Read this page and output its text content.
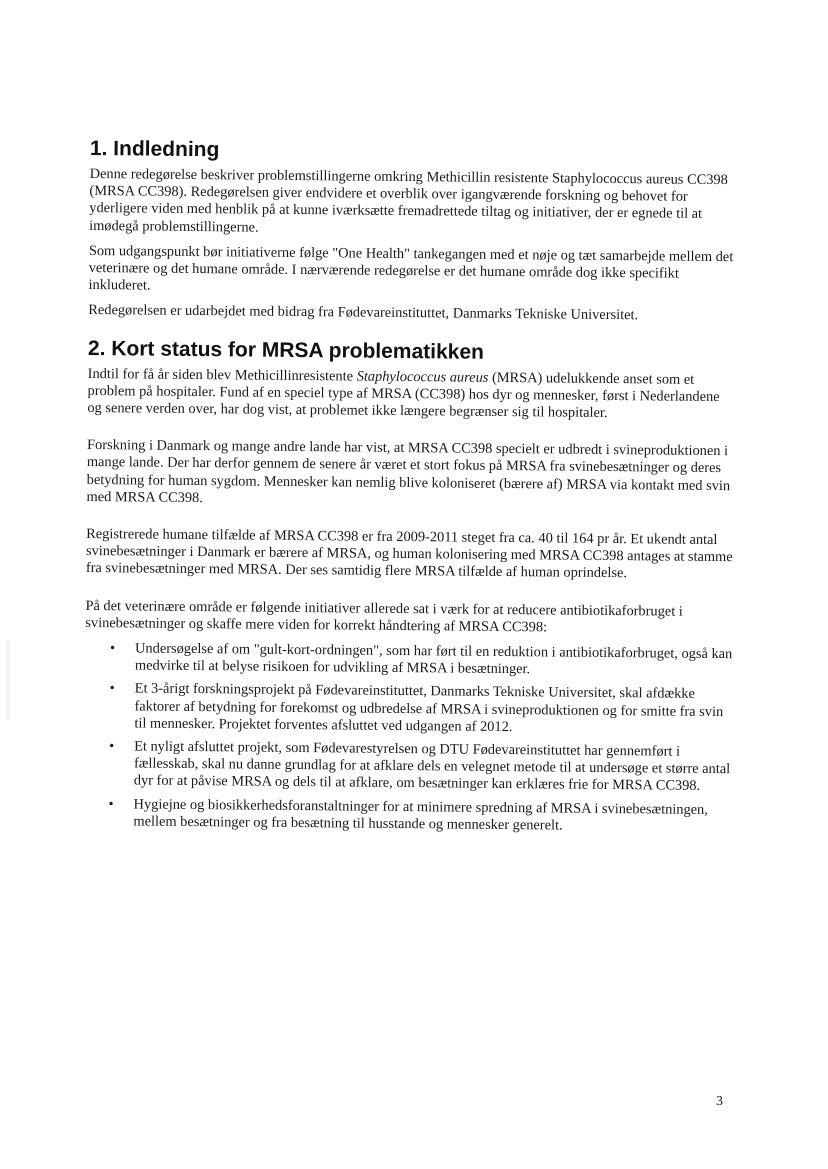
1. Indledning

Denne redegørelse beskriver problemstillingerne omkring Methicillin resistente Staphylococcus aureus CC398 (MRSA CC398). Redegørelsen giver endvidere et overblik over igangværende forskning og behovet for yderligere viden med henblik på at kunne iværksætte fremadrettede tiltag og initiativer, der er egnede til at imødegå problemstillingerne.

Som udgangspunkt bør initiativerne følge "One Health" tankegangen med et nøje og tæt samarbejde mellem det veterinære og det humane område. I nærværende redegørelse er det humane område dog ikke specifikt inkluderet.

Redegørelsen er udarbejdet med bidrag fra Fødevareinstituttet, Danmarks Tekniske Universitet.

2. Kort status for MRSA problematikken

Indtil for få år siden blev Methicillinresistente Staphylococcus aureus (MRSA) udelukkende anset som et problem på hospitaler. Fund af en speciel type af MRSA (CC398) hos dyr og mennesker, først i Nederlandene og senere verden over, har dog vist, at problemet ikke længere begrænser sig til hospitaler.

Forskning i Danmark og mange andre lande har vist, at MRSA CC398 specielt er udbredt i svineproduktionen i mange lande. Der har derfor gennem de senere år været et stort fokus på MRSA fra svinebesætninger og deres betydning for human sygdom. Mennesker kan nemlig blive koloniseret (bærere af) MRSA via kontakt med svin med MRSA CC398.

Registrerede humane tilfælde af MRSA CC398 er fra 2009-2011 steget fra ca. 40 til 164 pr år. Et ukendt antal svinebesætninger i Danmark er bærere af MRSA, og human kolonisering med MRSA CC398 antages at stamme fra svinebesætninger med MRSA. Der ses samtidig flere MRSA tilfælde af human oprindelse.

På det veterinære område er følgende initiativer allerede sat i værk for at reducere antibiotikaforbruget i svinebesætninger og skaffe mere viden for korrekt håndtering af MRSA CC398:

• Undersøgelse af om "gult-kort-ordningen", som har ført til en reduktion i antibiotikaforbruget, også kan medvirke til at belyse risikoen for udvikling af MRSA i besætninger.
• Et 3-årigt forskningsprojekt på Fødevareinstituttet, Danmarks Tekniske Universitet, skal afdække faktorer af betydning for forekomst og udbredelse af MRSA i svineproduktionen og for smitte fra svin til mennesker. Projektet forventes afsluttet ved udgangen af 2012.
• Et nyligt afsluttet projekt, som Fødevarestyrelsen og DTU Fødevareinstituttet har gennemført i fællesskab, skal nu danne grundlag for at afklare dels en velegnet metode til at undersøge et større antal dyr for at påvise MRSA og dels til at afklare, om besætninger kan erklæres frie for MRSA CC398.
• Hygiejne og biosikkerhedsforanstaltninger for at minimere spredning af MRSA i svinebesætningen, mellem besætninger og fra besætning til husstande og mennesker generelt.
3
